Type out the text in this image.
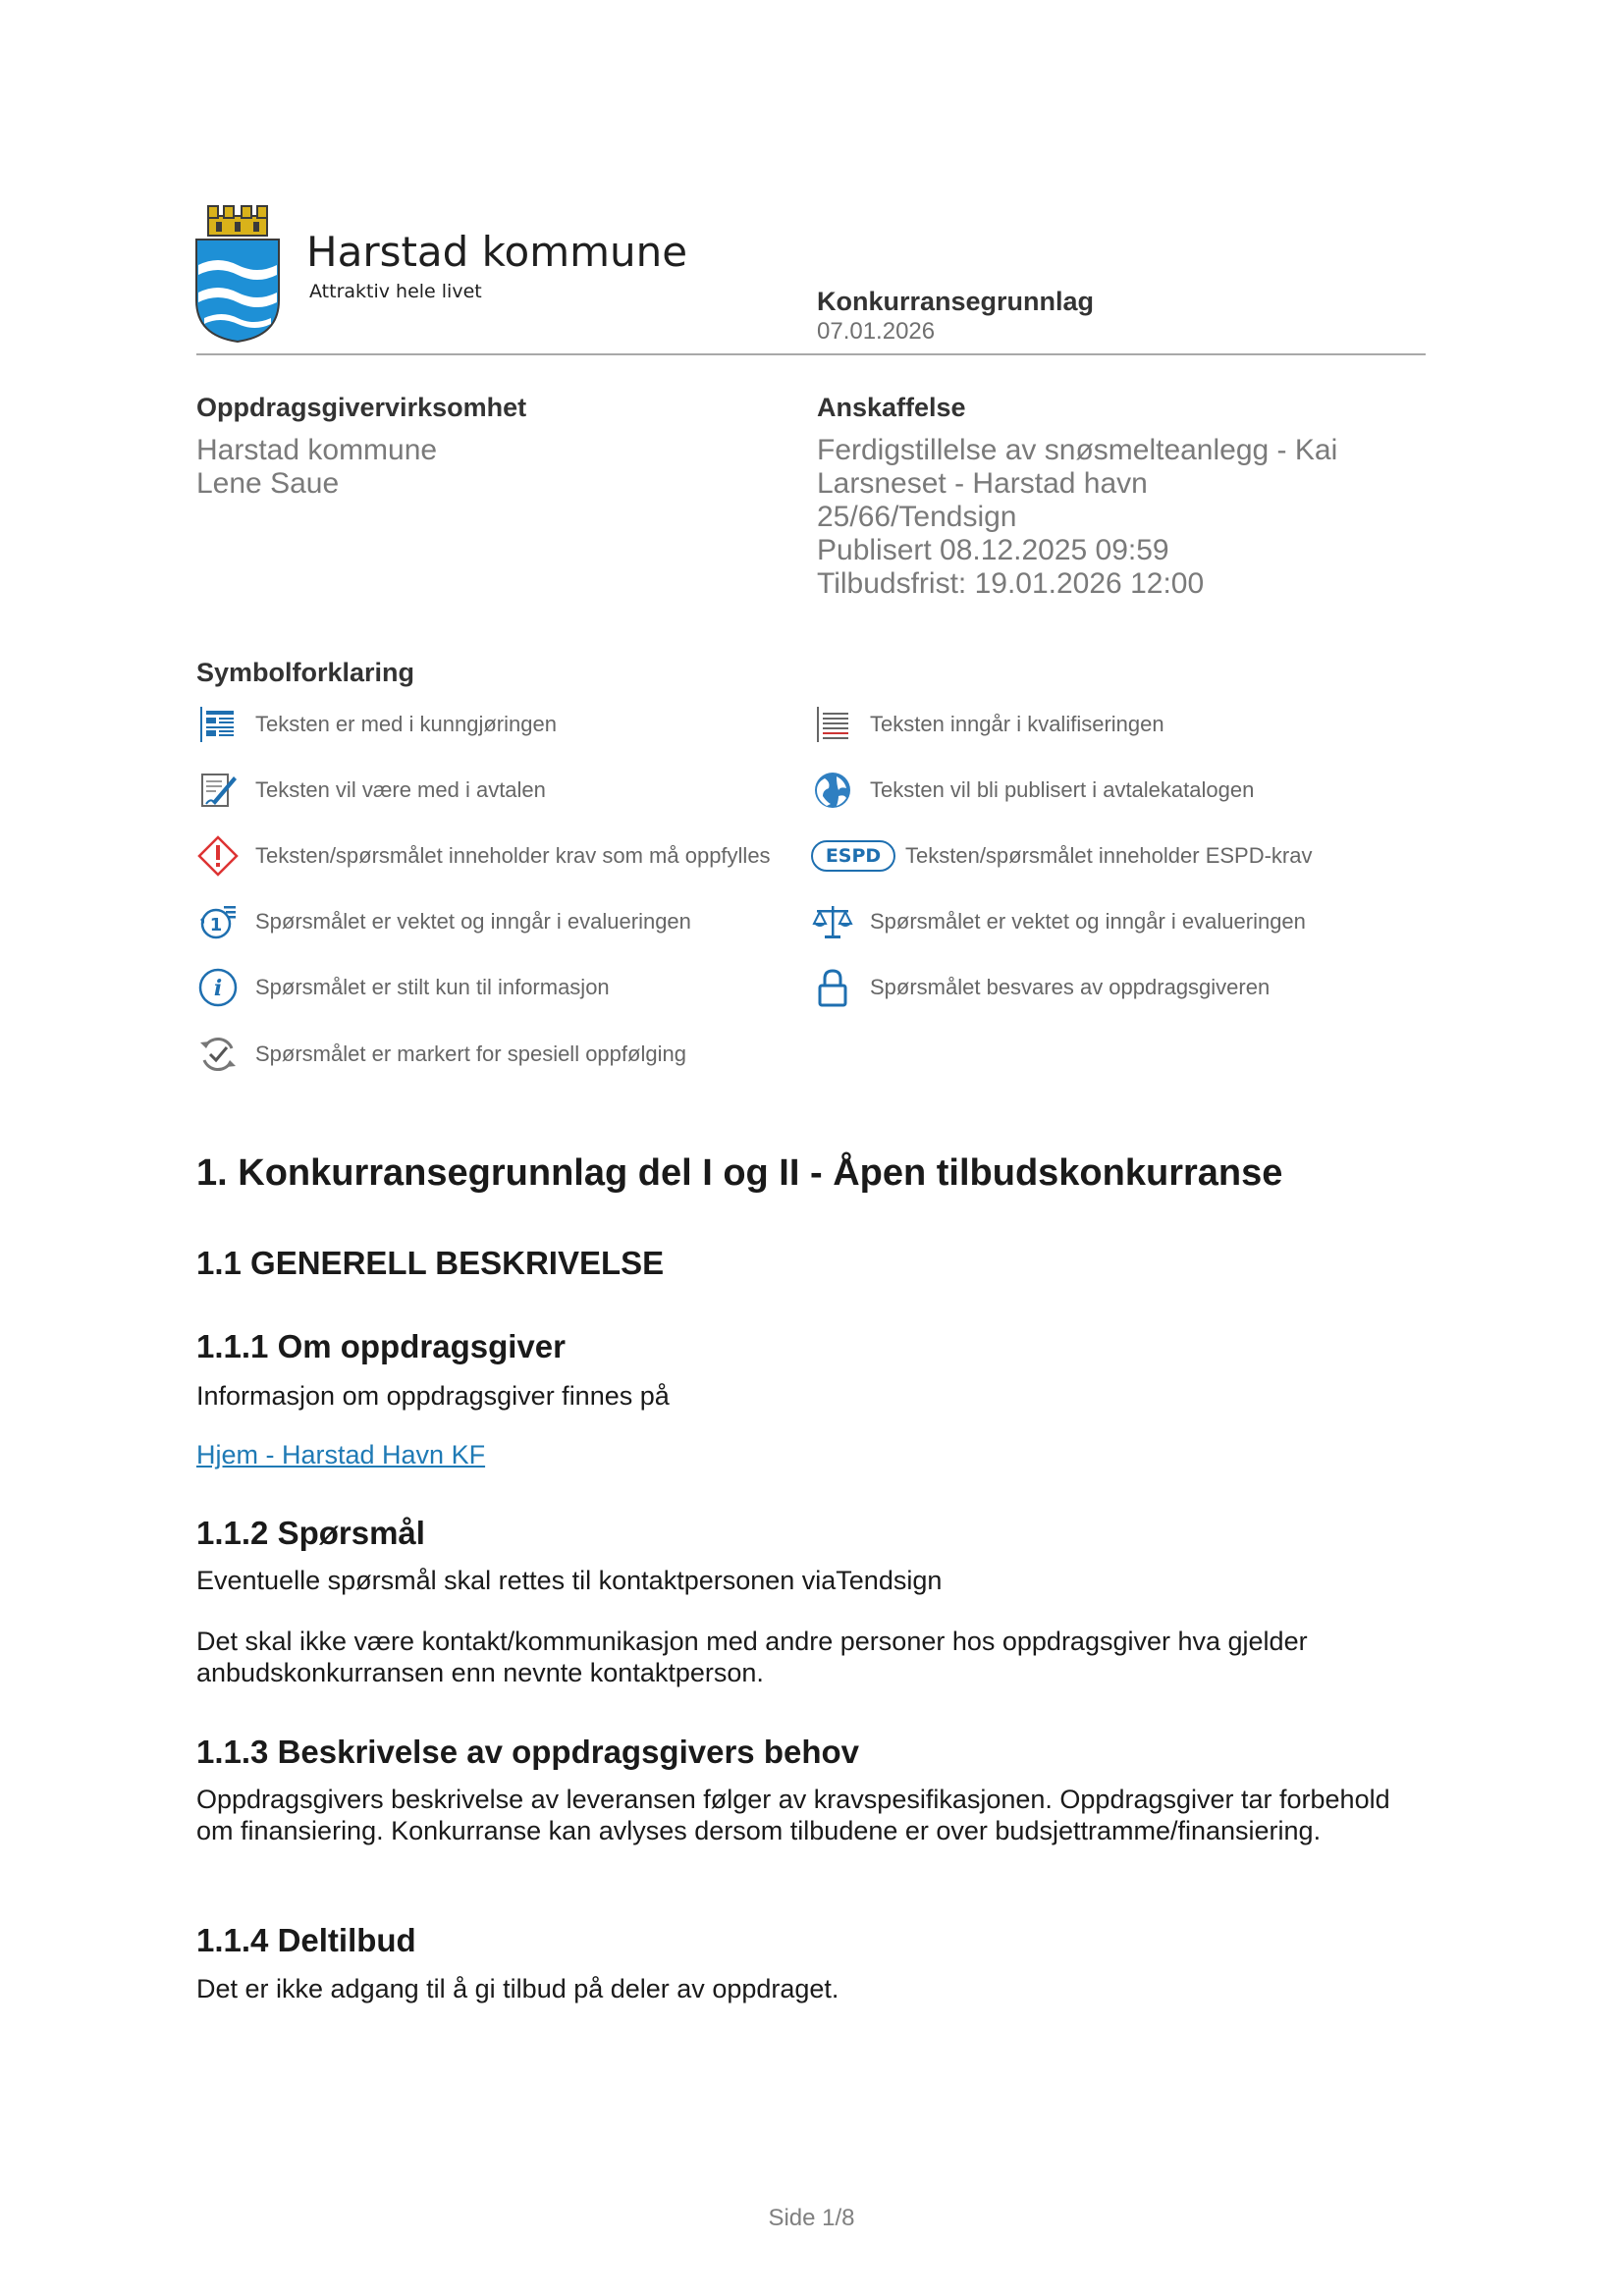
Harstad kommune
Attraktiv hele livet	Konkurransegrunnlag
07.01.2026
Oppdragsgivervirksomhet
Harstad kommune
Lene Saue
Anskaffelse
Ferdigstillelse av snøsmelteanlegg - Kai
Larsneset - Harstad havn
25/66/Tendsign
Publisert 08.12.2025 09:59
Tilbudsfrist: 19.01.2026 12:00
Symbolforklaring
Teksten er med i kunngjøringen	Teksten inngår i kvalifiseringen
Teksten vil være med i avtalen	Teksten vil bli publisert i avtalekatalogen
Teksten/spørsmålet inneholder krav som må oppfylles	ESPD	Teksten/spørsmålet inneholder ESPD-krav
1 Spørsmålet er vektet og inngår i evalueringen	Spørsmålet er vektet og inngår i evalueringen
i Spørsmålet er stilt kun til informasjon	Spørsmålet besvares av oppdragsgiveren
Spørsmålet er markert for spesiell oppfølging
1. Konkurransegrunnlag del I og II - Åpen tilbudskonkurranse
1.1 GENERELL BESKRIVELSE
1.1.1 Om oppdragsgiver
Informasjon om oppdragsgiver finnes på
Hjem - Harstad Havn KF
1.1.2 Spørsmål
Eventuelle spørsmål skal rettes til kontaktpersonen viaTendsign
Det skal ikke være kontakt/kommunikasjon med andre personer hos oppdragsgiver hva gjelder anbudskonkurransen enn nevnte kontaktperson.
1.1.3 Beskrivelse av oppdragsgivers behov
Oppdragsgivers beskrivelse av leveransen følger av kravspesifikasjonen. Oppdragsgiver tar forbehold om finansiering. Konkurranse kan avlyses dersom tilbudene er over budsjettramme/finansiering.
1.1.4 Deltilbud
Det er ikke adgang til å gi tilbud på deler av oppdraget.
Side 1/8
